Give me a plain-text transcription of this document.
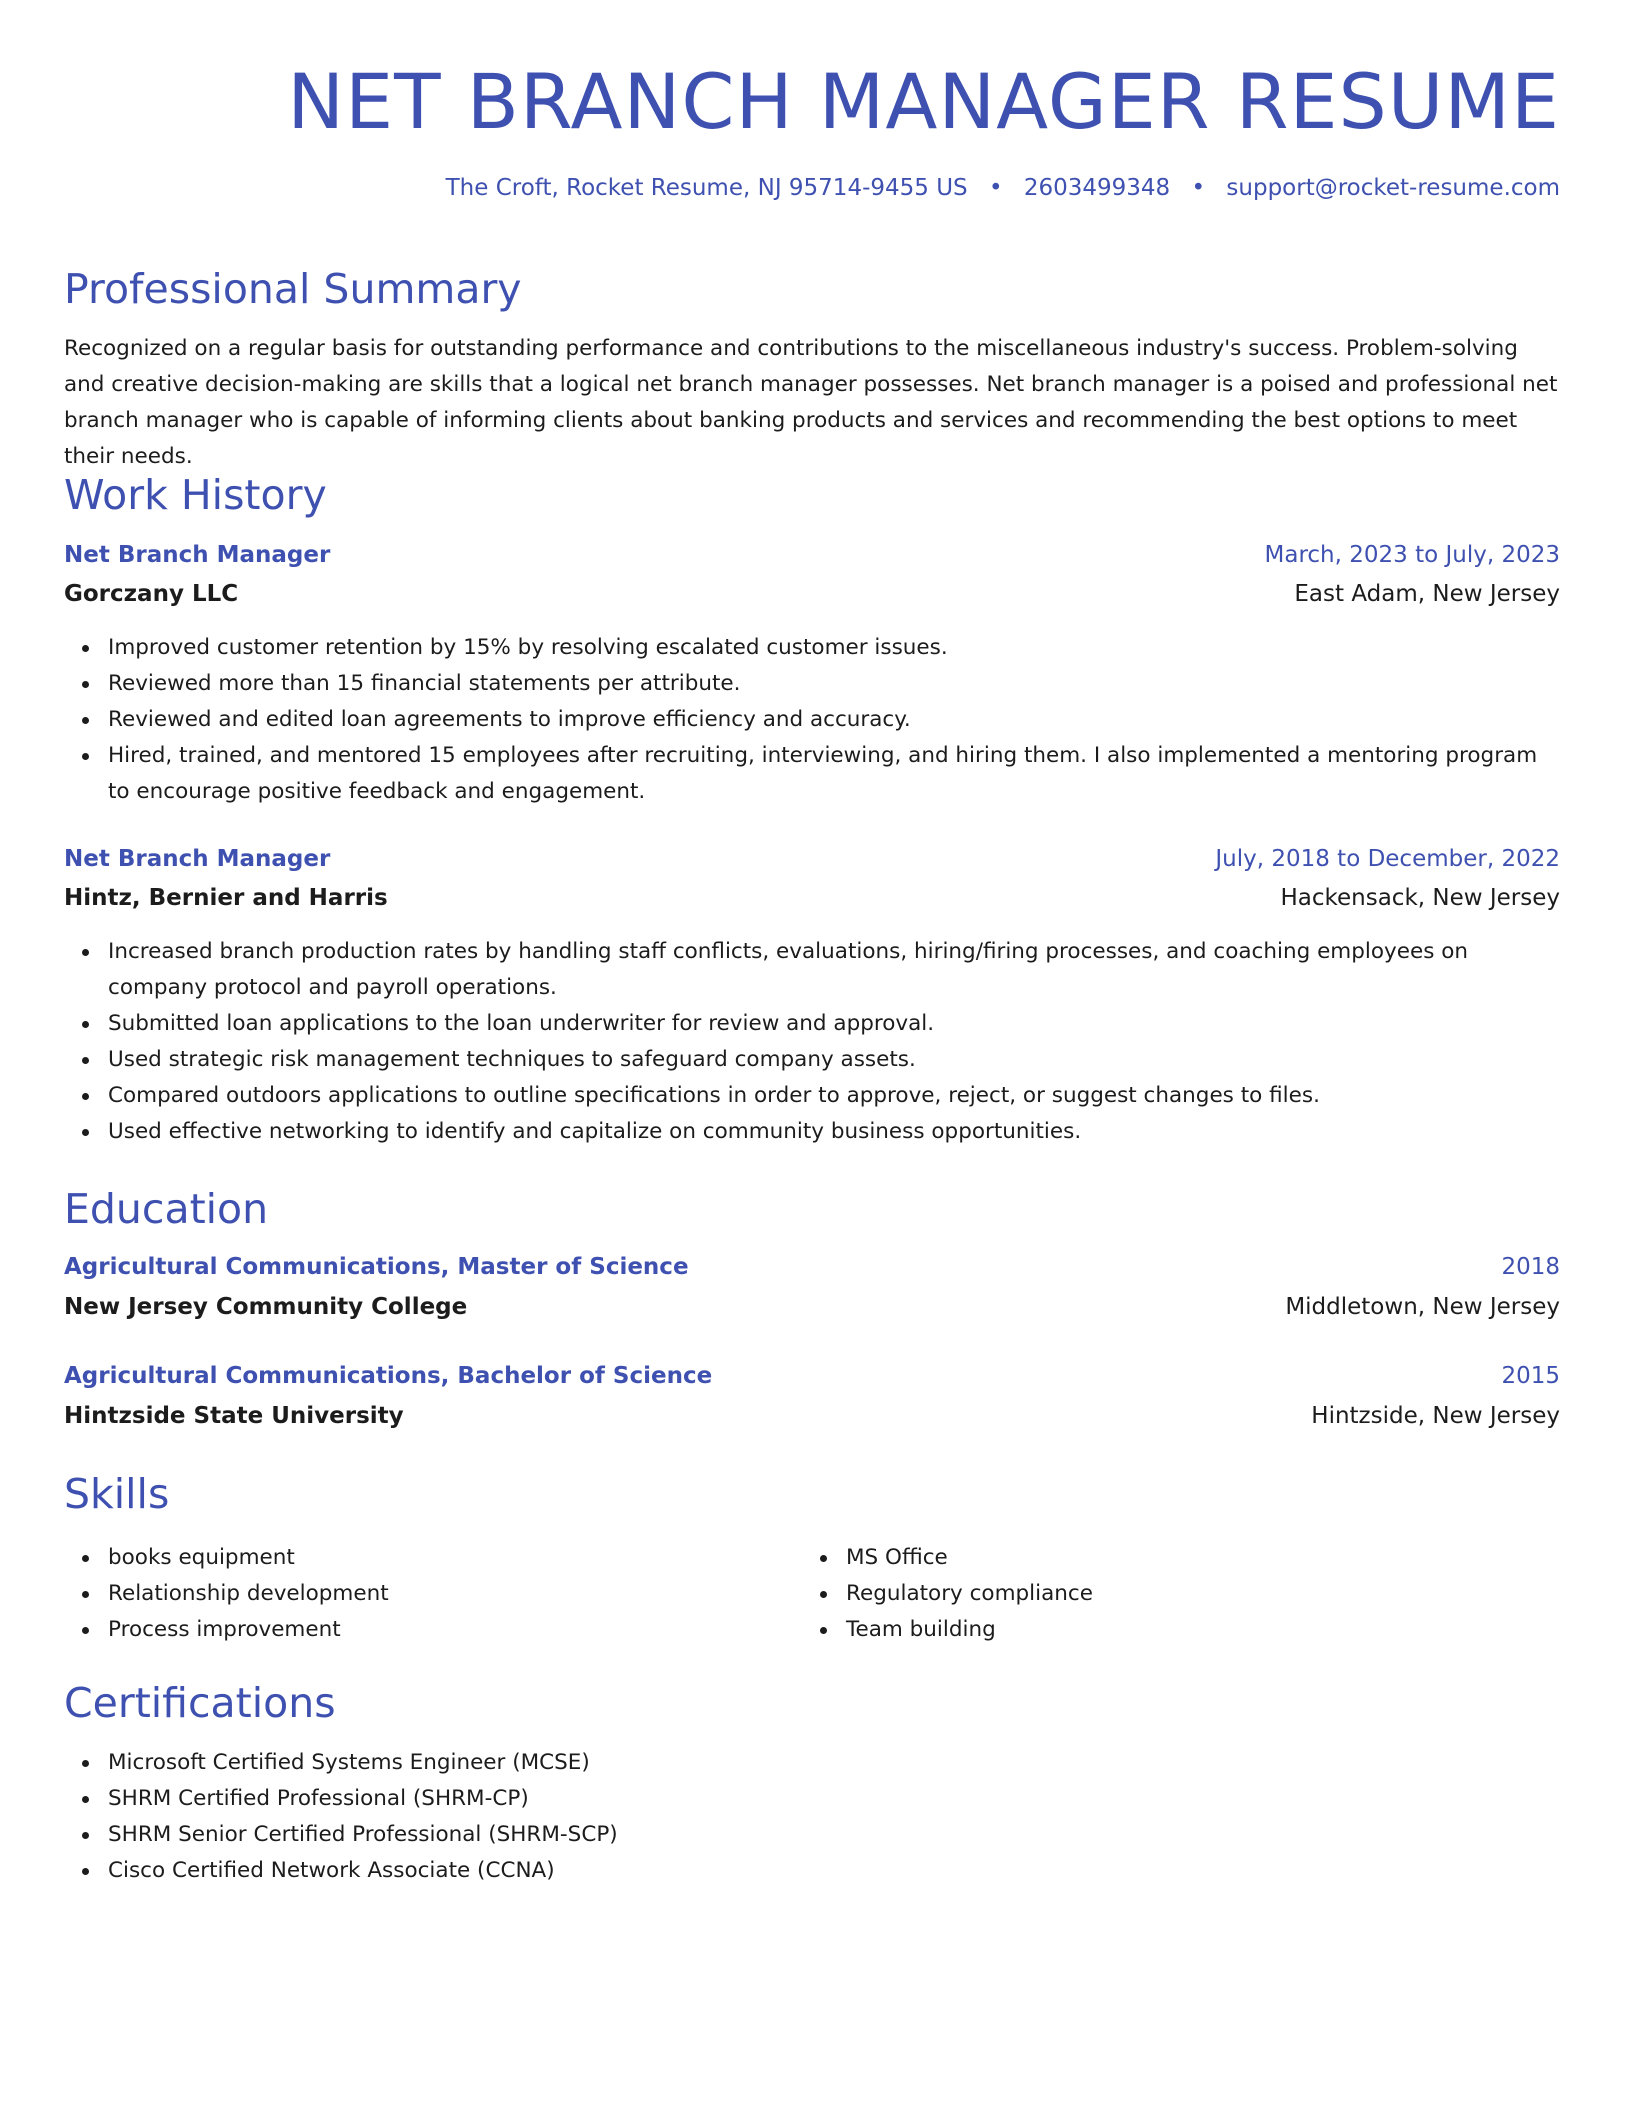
NET BRANCH MANAGER RESUME
The Croft, Rocket Resume, NJ 95714-9455 US • 2603499348 • support@rocket-resume.com
Professional Summary

Recognized on a regular basis for outstanding performance and contributions to the miscellaneous industry's success. Problem-solving and creative decision-making are skills that a logical net branch manager possesses. Net branch manager is a poised and professional net branch manager who is capable of informing clients about banking products and services and recommending the best options to meet their needs.

Work History
Net Branch Manager	March, 2023 to July, 2023
Gorczany LLC	East Adam, New Jersey
Improved customer retention by 15% by resolving escalated customer issues.
Reviewed more than 15 financial statements per attribute.
Reviewed and edited loan agreements to improve efficiency and accuracy.
Hired, trained, and mentored 15 employees after recruiting, interviewing, and hiring them. I also implemented a mentoring program to encourage positive feedback and engagement.
Net Branch Manager	July, 2018 to December, 2022
Hintz, Bernier and Harris	Hackensack, New Jersey
Increased branch production rates by handling staff conflicts, evaluations, hiring/firing processes, and coaching employees on company protocol and payroll operations.
Submitted loan applications to the loan underwriter for review and approval.
Used strategic risk management techniques to safeguard company assets.
Compared outdoors applications to outline specifications in order to approve, reject, or suggest changes to files.
Used effective networking to identify and capitalize on community business opportunities.
Education
Agricultural Communications, Master of Science	2018
New Jersey Community College	Middletown, New Jersey
Agricultural Communications, Bachelor of Science	2015
Hintzside State University	Hintzside, New Jersey
Skills
books equipment
Relationship development
Process improvement
MS Office
Regulatory compliance
Team building
Certifications
Microsoft Certified Systems Engineer (MCSE)
SHRM Certified Professional (SHRM-CP)
SHRM Senior Certified Professional (SHRM-SCP)
Cisco Certified Network Associate (CCNA)
